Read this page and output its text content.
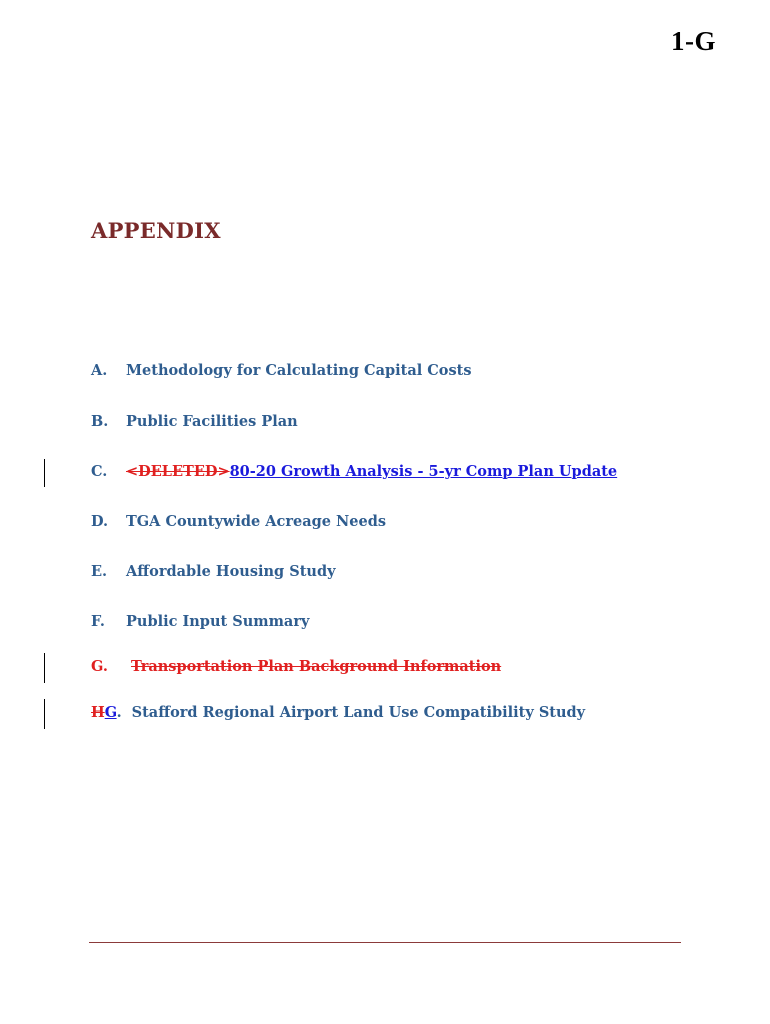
1-G
APPENDIX
A. Methodology for Calculating Capital Costs
B. Public Facilities Plan
C. <DELETED>80-20 Growth Analysis - 5-yr Comp Plan Update
D. TGA Countywide Acreage Needs
E. Affordable Housing Study
F. Public Input Summary
G. Transportation Plan Background Information
HG. Stafford Regional Airport Land Use Compatibility Study
